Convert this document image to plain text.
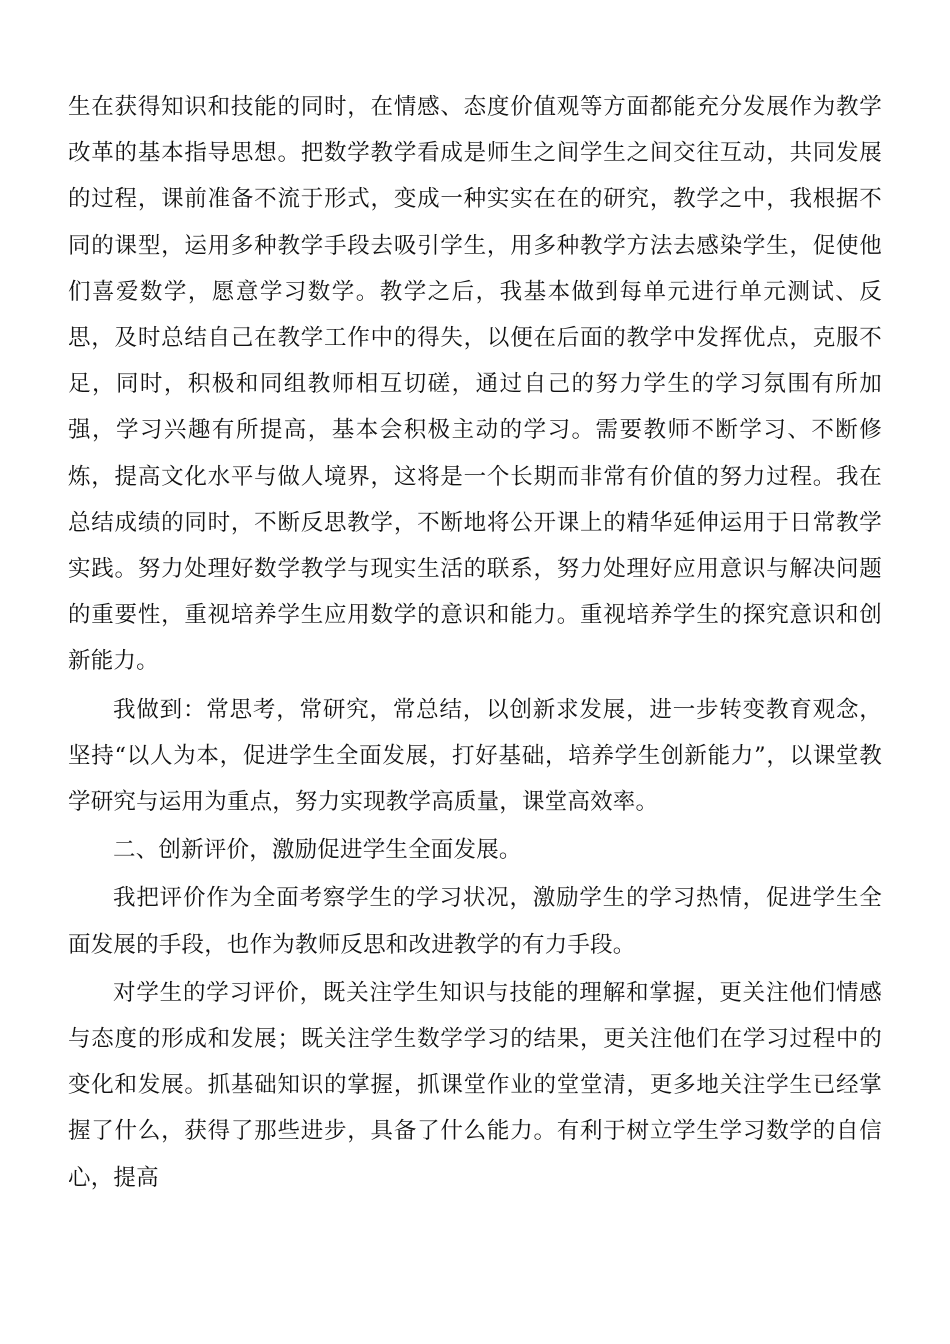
生在获得知识和技能的同时，在情感、态度价值观等方面都能充分发展作为教学改革的基本指导思想。把数学教学看成是师生之间学生之间交往互动，共同发展的过程，课前准备不流于形式，变成一种实实在在的研究，教学之中，我根据不同的课型，运用多种教学手段去吸引学生，用多种教学方法去感染学生，促使他们喜爱数学，愿意学习数学。教学之后，我基本做到每单元进行单元测试、反思，及时总结自己在教学工作中的得失，以便在后面的教学中发挥优点，克服不足，同时，积极和同组教师相互切磋，通过自己的努力学生的学习氛围有所加强，学习兴趣有所提高，基本会积极主动的学习。需要教师不断学习、不断修炼，提高文化水平与做人境界，这将是一个长期而非常有价值的努力过程。我在总结成绩的同时，不断反思教学，不断地将公开课上的精华延伸运用于日常教学实践。努力处理好数学教学与现实生活的联系，努力处理好应用意识与解决问题的重要性，重视培养学生应用数学的意识和能力。重视培养学生的探究意识和创新能力。

我做到：常思考，常研究，常总结，以创新求发展，进一步转变教育观念，坚持“以人为本，促进学生全面发展，打好基础，培养学生创新能力”，以课堂教学研究与运用为重点，努力实现教学高质量，课堂高效率。

二、创新评价，激励促进学生全面发展。

我把评价作为全面考察学生的学习状况，激励学生的学习热情，促进学生全面发展的手段，也作为教师反思和改进教学的有力手段。

对学生的学习评价，既关注学生知识与技能的理解和掌握，更关注他们情感与态度的形成和发展；既关注学生数学学习的结果，更关注他们在学习过程中的变化和发展。抓基础知识的掌握，抓课堂作业的堂堂清，更多地关注学生已经掌握了什么，获得了那些进步，具备了什么能力。有利于树立学生学习数学的自信心，提高
